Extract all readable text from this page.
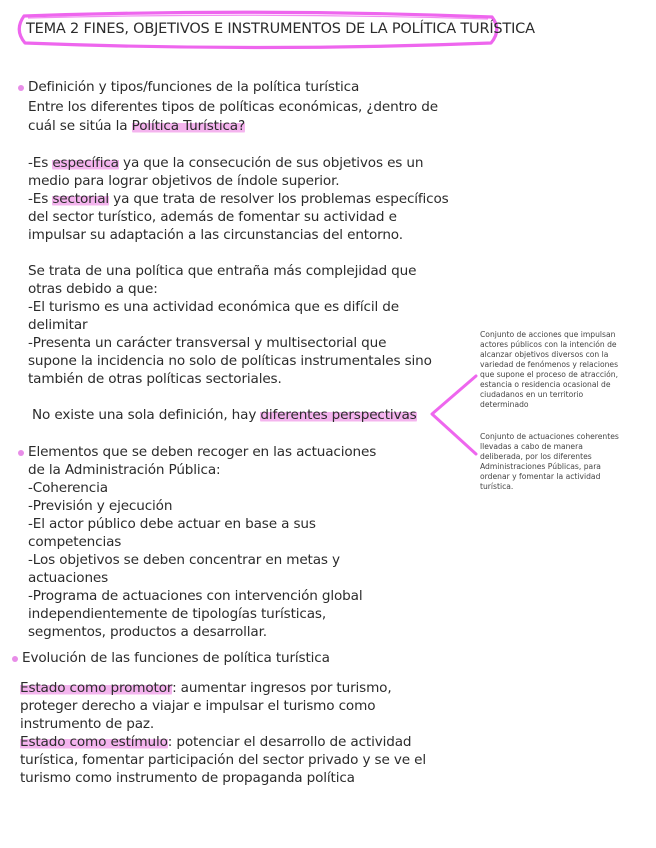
TEMA 2 FINES, OBJETIVOS E INSTRUMENTOS DE LA POLÍTICA TURÍSTICA
Definición y tipos/funciones de la política turística
Entre los diferentes tipos de políticas económicas, ¿dentro de
cuál se sitúa la Política Turística?
-Es específica ya que la consecución de sus objetivos es un
medio para lograr objetivos de índole superior.
-Es sectorial ya que trata de resolver los problemas específicos
del sector turístico, además de fomentar su actividad e
impulsar su adaptación a las circunstancias del entorno.
Se trata de una política que entraña más complejidad que
otras debido a que:
-El turismo es una actividad económica que es difícil de
delimitar
-Presenta un carácter transversal y multisectorial que
supone la incidencia no solo de políticas instrumentales sino
también de otras políticas sectoriales.
No existe una sola definición, hay diferentes perspectivas
Conjunto de acciones que impulsan
actores públicos con la intención de
alcanzar objetivos diversos con la
variedad de fenómenos y relaciones
que supone el proceso de atracción,
estancia o residencia ocasional de
ciudadanos en un territorio
determinado
Conjunto de actuaciones coherentes
llevadas a cabo de manera
deliberada, por los diferentes
Administraciones Públicas, para
ordenar y fomentar la actividad
turística.
Elementos que se deben recoger en las actuaciones
de la Administración Pública:
-Coherencia
-Previsión y ejecución
-El actor público debe actuar en base a sus
competencias
-Los objetivos se deben concentrar en metas y
actuaciones
-Programa de actuaciones con intervención global
independientemente de tipologías turísticas,
segmentos, productos a desarrollar.
Evolución de las funciones de política turística
Estado como promotor: aumentar ingresos por turismo,
proteger derecho a viajar e impulsar el turismo como
instrumento de paz.
Estado como estímulo: potenciar el desarrollo de actividad
turística, fomentar participación del sector privado y se ve el
turismo como instrumento de propaganda política
